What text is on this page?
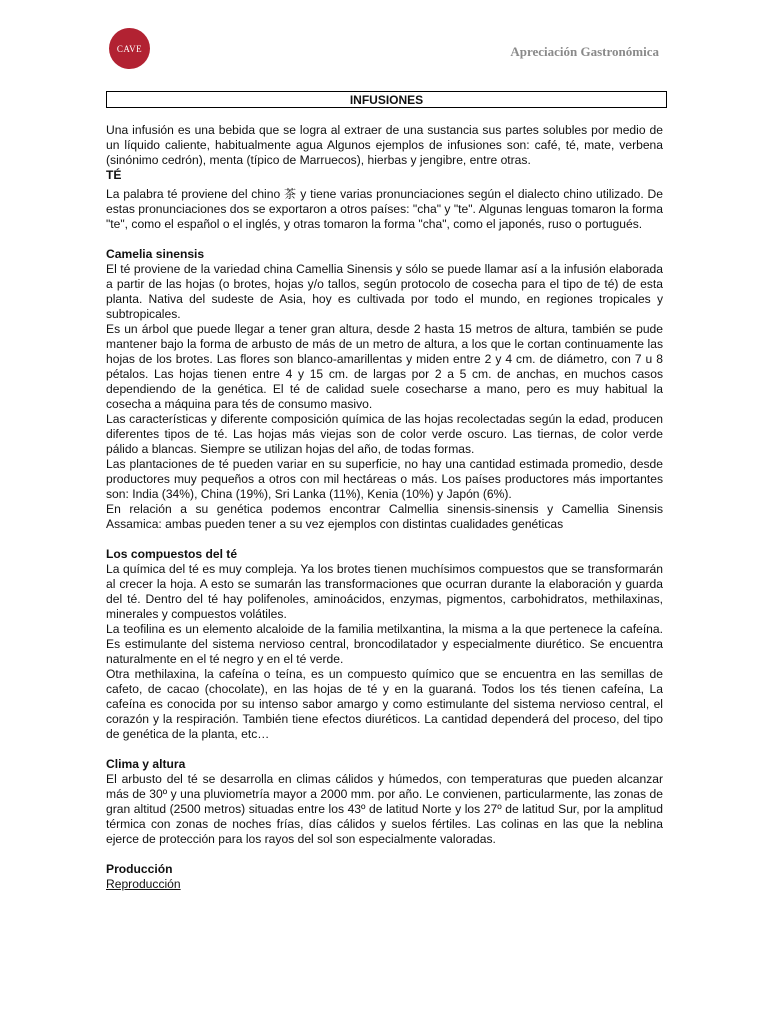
CAVE	Apreciación Gastronómica
INFUSIONES

Una infusión es una bebida que se logra al extraer de una sustancia sus partes solubles por medio de un líquido caliente, habitualmente agua Algunos ejemplos de infusiones son: café, té, mate, verbena (sinónimo cedrón), menta (típico de Marruecos), hierbas y jengibre, entre otras.

TÉ

La palabra té proviene del chino 茶 y tiene varias pronunciaciones según el dialecto chino utilizado. De estas pronunciaciones dos se exportaron a otros países: "cha" y "te". Algunas lenguas tomaron la forma "te", como el español o el inglés, y otras tomaron la forma "cha", como el japonés, ruso o portugués.

Camelia sinensis

El té proviene de la variedad china Camellia Sinensis y sólo se puede llamar así a la infusión elaborada a partir de las hojas (o brotes, hojas y/o tallos, según protocolo de cosecha para el tipo de té) de esta planta. Nativa del sudeste de Asia, hoy es cultivada por todo el mundo, en regiones tropicales y subtropicales.

Es un árbol que puede llegar a tener gran altura, desde 2 hasta 15 metros de altura, también se pude mantener bajo la forma de arbusto de más de un metro de altura, a los que le cortan continuamente las hojas de los brotes. Las flores son blanco-amarillentas y miden entre 2 y 4 cm. de diámetro, con 7 u 8 pétalos. Las hojas tienen entre 4 y 15 cm. de largas por 2 a 5 cm. de anchas, en muchos casos dependiendo de la genética. El té de calidad suele cosecharse a mano, pero es muy habitual la cosecha a máquina para tés de consumo masivo.

Las características y diferente composición química de las hojas recolectadas según la edad, producen diferentes tipos de té. Las hojas más viejas son de color verde oscuro. Las tiernas, de color verde pálido a blancas. Siempre se utilizan hojas del año, de todas formas.

Las plantaciones de té pueden variar en su superficie, no hay una cantidad estimada promedio, desde productores muy pequeños a otros con mil hectáreas o más. Los países productores más importantes son: India (34%), China (19%), Sri Lanka (11%), Kenia (10%) y Japón (6%).

En relación a su genética podemos encontrar Calmellia sinensis-sinensis y Camellia Sinensis Assamica: ambas pueden tener a su vez ejemplos con distintas cualidades genéticas

Los compuestos del té

La química del té es muy compleja. Ya los brotes tienen muchísimos compuestos que se transformarán al crecer la hoja. A esto se sumarán las transformaciones que ocurran durante la elaboración y guarda del té. Dentro del té hay polifenoles, aminoácidos, enzymas, pigmentos, carbohidratos, methilaxinas, minerales y compuestos volátiles.

La teofilina es un elemento alcaloide de la familia metilxantina, la misma a la que pertenece la cafeína. Es estimulante del sistema nervioso central, broncodilatador y especialmente diurético. Se encuentra naturalmente en el té negro y en el té verde.

Otra methilaxina, la cafeína o teína, es un compuesto químico que se encuentra en las semillas de cafeto, de cacao (chocolate), en las hojas de té y en la guaraná. Todos los tés tienen cafeína, La cafeína es conocida por su intenso sabor amargo y como estimulante del sistema nervioso central, el corazón y la respiración. También tiene efectos diuréticos. La cantidad dependerá del proceso, del tipo de genética de la planta, etc…

Clima y altura

El arbusto del té se desarrolla en climas cálidos y húmedos, con temperaturas que pueden alcanzar más de 30º y una pluviometría mayor a 2000 mm. por año. Le convienen, particularmente, las zonas de gran altitud (2500 metros) situadas entre los 43º de latitud Norte y los 27º de latitud Sur, por la amplitud térmica con zonas de noches frías, días cálidos y suelos fértiles. Las colinas en las que la neblina ejerce de protección para los rayos del sol son especialmente valoradas.

Producción

Reproducción
